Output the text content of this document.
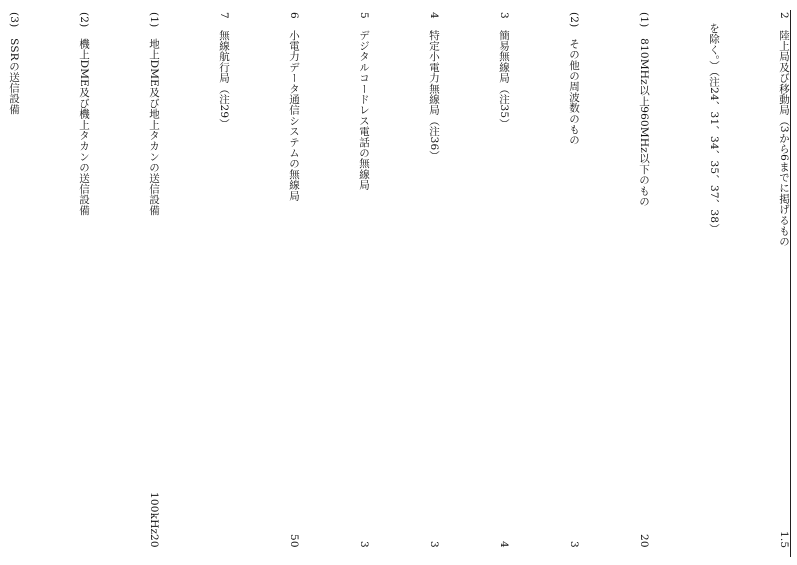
2　陸上局及び移動局（3から6までに掲げるもの
1.5
　を除く。）（注24、31、34、35、37、38）
(1)　810MHz以上960MHz以下のもの
20
(2)　その他の周波数のもの
3
3　簡易無線局（注35）
4
4　特定小電力無線局（注36）
3
5　デジタルコードレス電話の無線局
3
6　小電力データ通信システムの無線局
50
7　無線航行局（注29）
(1)　地上DME及び地上タカンの送信設備
100kHz
20
(2)　機上DME及び機上タカンの送信設備
(3)　SSRの送信設備
